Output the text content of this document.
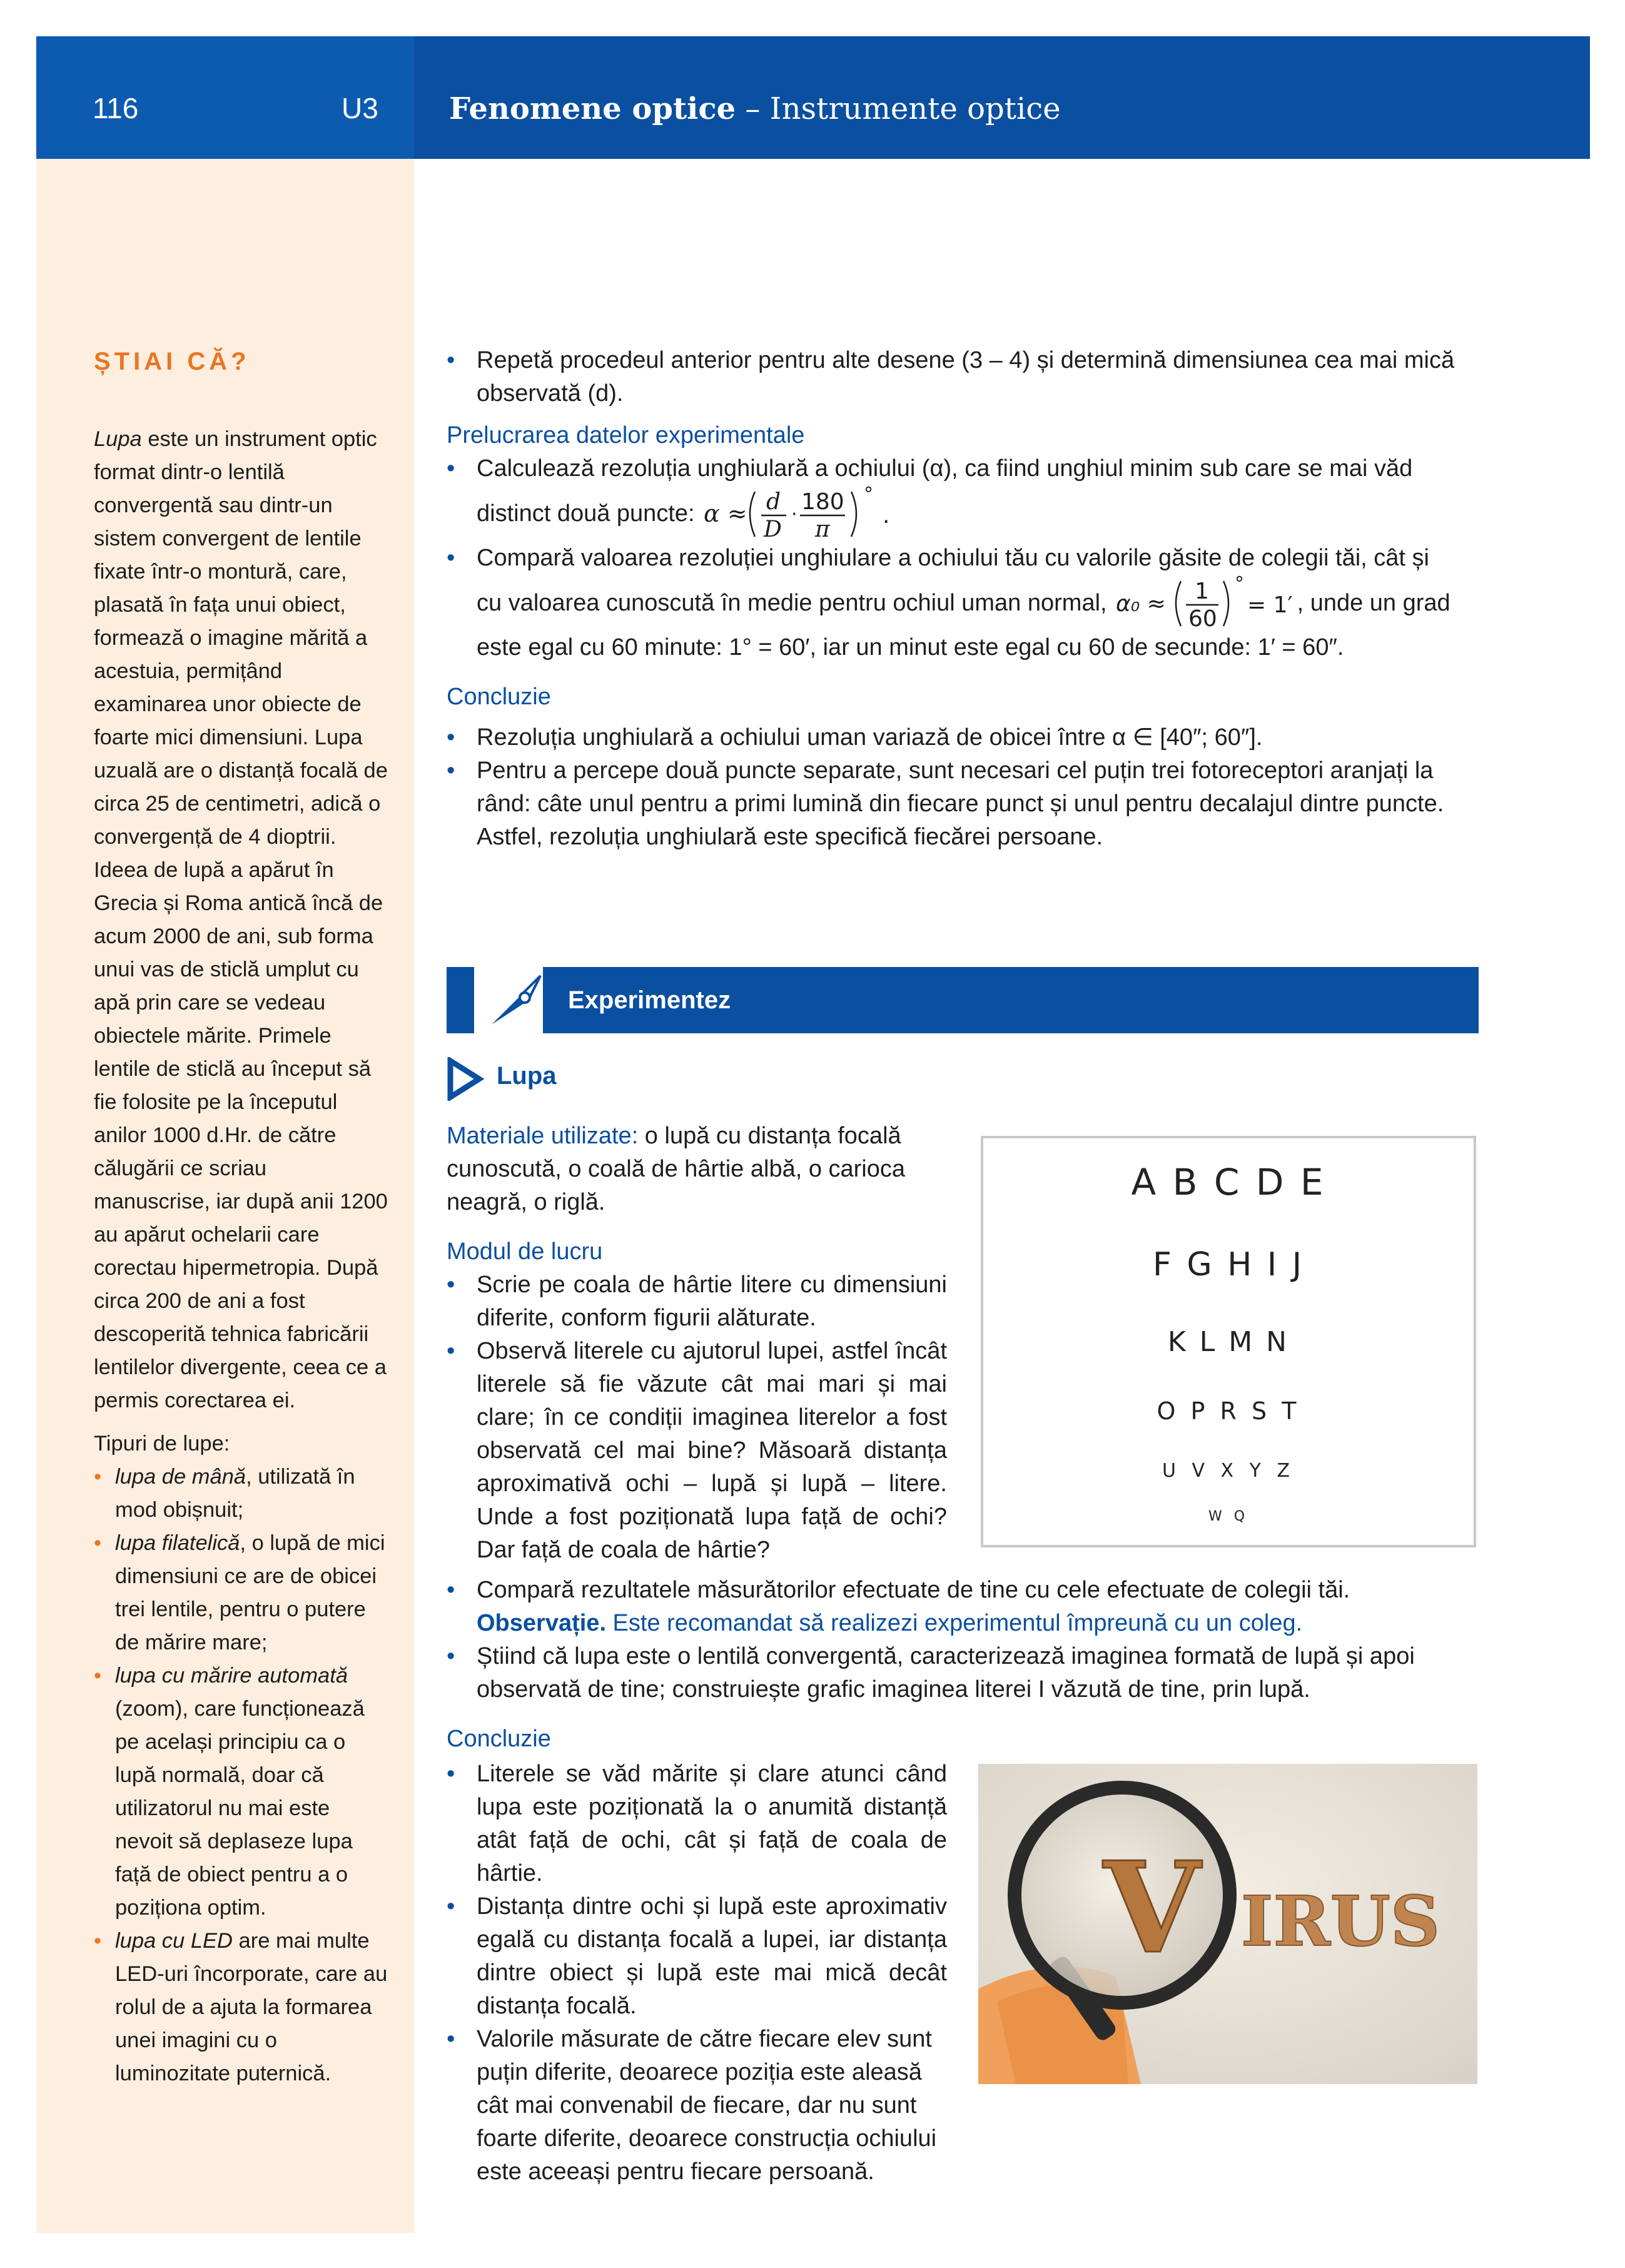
116	U3 Fenomene optice – Instrumente optice
ȘTIAI CĂ?

Lupa este un instrument optic format dintr-o lentilă convergentă sau dintr-un sistem convergent de lentile fixate într-o montură, care, plasată în fața unui obiect, formează o imagine mărită a acestuia, permițând examinarea unor obiecte de foarte mici dimensiuni. Lupa uzuală are o distanță focală de circa 25 de centimetri, adică o convergență de 4 dioptrii. Ideea de lupă a apărut în Grecia și Roma antică încă de acum 2000 de ani, sub forma unui vas de sticlă umplut cu apă prin care se vedeau obiectele mărite. Primele lentile de sticlă au început să fie folosite pe la începutul anilor 1000 d.Hr. de către călugării ce scriau manuscrise, iar după anii 1200 au apărut ochelarii care corectau hipermetropia. După circa 200 de ani a fost descoperită tehnica fabricării lentilelor divergente, ceea ce a permis corectarea ei.

Tipuri de lupe:

• lupa de mână, utilizată în mod obișnuit;
• lupa filatelică, o lupă de mici dimensiuni ce are de obicei trei lentile, pentru o putere de mărire mare;
• lupa cu mărire automată (zoom), care funcționează pe același principiu ca o lupă normală, doar că utilizatorul nu mai este nevoit să deplaseze lupa față de obiect pentru a o poziționa optim.
• lupa cu LED are mai multe LED-uri încorporate, care au rolul de a ajuta la formarea unei imagini cu o luminozitate puternică.
• Repetă procedeul anterior pentru alte desene (3 – 4) și determină dimensiunea cea mai mică observată (d).
Prelucrarea datelor experimentale
• Calculează rezoluția unghiulară a ochiului (α), ca fiind unghiul minim sub care se mai văd
distinct două puncte: α ≈ d
D
· 180
π
°
.
• Compară valoarea rezoluției unghiulare a ochiului tău cu valorile găsite de colegii tăi, cât și
cu valoarea cunoscută în medie pentru ochiul uman normal, α₀ ≈ 1
60
°
= 1′ , unde un grad
este egal cu 60 minute: 1° = 60′, iar un minut este egal cu 60 de secunde: 1′ = 60″.
Concluzie
• Rezoluția unghiulară a ochiului uman variază de obicei între α ∈ [40″; 60″].
• Pentru a percepe două puncte separate, sunt necesari cel puțin trei fotoreceptori aranjați la rând: câte unul pentru a primi lumină din fiecare punct și unul pentru decalajul dintre puncte. Astfel, rezoluția unghiulară este specifică fiecărei persoane.
Experimentez
Lupa
Materiale utilizate: o lupă cu distanța focală cunoscută, o coală de hârtie albă, o carioca neagră, o riglă.
Modul de lucru
• Scrie pe coala de hârtie litere cu dimensiuni diferite, conform figurii alăturate.
• Observă literele cu ajutorul lupei, astfel încât literele să fie văzute cât mai mari și mai clare; în ce condiții imaginea literelor a fost observată cel mai bine? Măsoară distanța aproximativă ochi – lupă și lupă – litere. Unde a fost poziționată lupa față de ochi? Dar față de coala de hârtie?
• Compară rezultatele măsurătorilor efectuate de tine cu cele efectuate de colegii tăi.
Observație. Este recomandat să realizezi experimentul împreună cu un coleg.
• Știind că lupa este o lentilă convergentă, caracterizează imaginea formată de lupă și apoi observată de tine; construiește grafic imaginea literei I văzută de tine, prin lupă.
A B C D E
F G H I J
K L M N
O P R S T
U V X Y Z
W Q
Concluzie
• Literele se văd mărite și clare atunci când lupa este poziționată la o anumită distanță atât față de ochi, cât și față de coala de hârtie.
• Distanța dintre ochi și lupă este aproximativ egală cu distanța focală a lupei, iar distanța dintre obiect și lupă este mai mică decât distanța focală.
• Valorile măsurate de către fiecare elev sunt puțin diferite, deoarece poziția este aleasă cât mai convenabil de fiecare, dar nu sunt foarte diferite, deoarece construcția ochiului este aceeași pentru fiecare persoană.
V IRUS
